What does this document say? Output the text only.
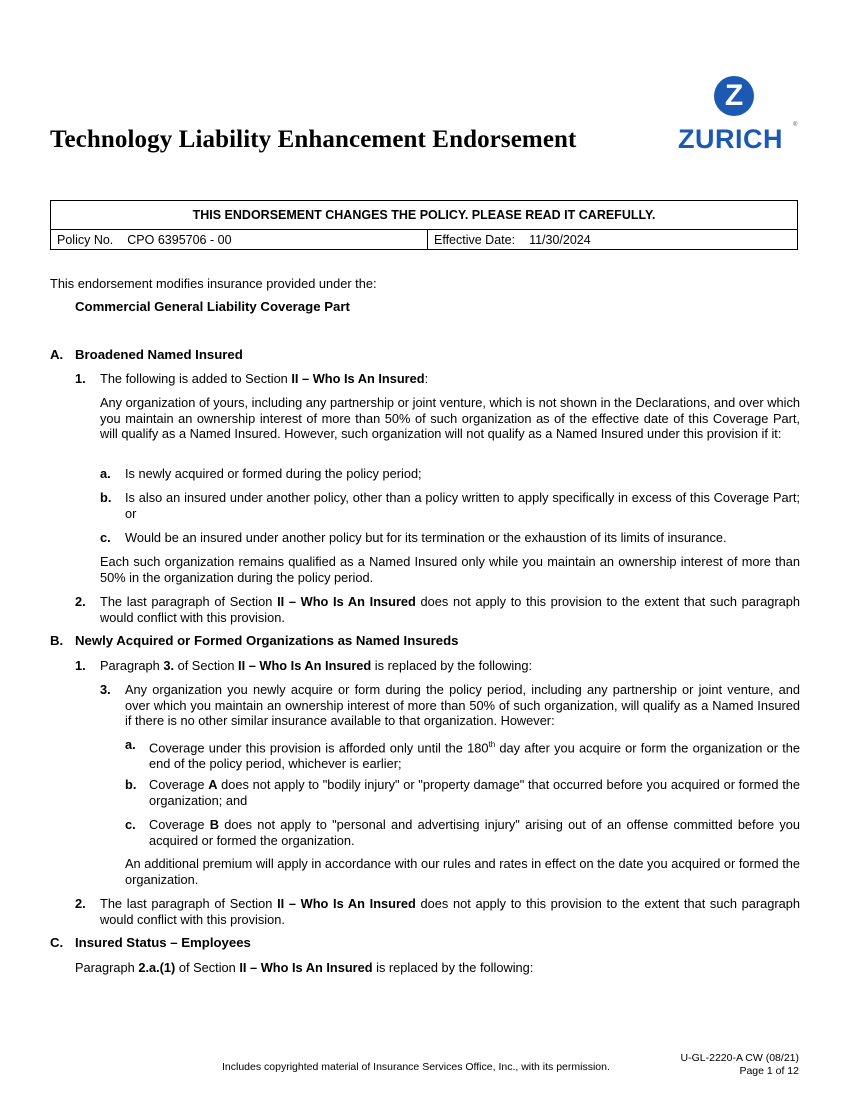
Technology Liability Enhancement Endorsement
Z
ZURICH ®
THIS ENDORSEMENT CHANGES THE POLICY. PLEASE READ IT CAREFULLY.
Policy No. CPO 6395706 - 00	Effective Date: 11/30/2024
This endorsement modifies insurance provided under the:
Commercial General Liability Coverage Part
A. Broadened Named Insured
1. The following is added to Section II – Who Is An Insured:
Any organization of yours, including any partnership or joint venture, which is not shown in the Declarations, and over which you maintain an ownership interest of more than 50% of such organization as of the effective date of this Coverage Part, will qualify as a Named Insured. However, such organization will not qualify as a Named Insured under this provision if it:
a. Is newly acquired or formed during the policy period;
b. Is also an insured under another policy, other than a policy written to apply specifically in excess of this Coverage Part; or
c. Would be an insured under another policy but for its termination or the exhaustion of its limits of insurance.
Each such organization remains qualified as a Named Insured only while you maintain an ownership interest of more than 50% in the organization during the policy period.
2. The last paragraph of Section II – Who Is An Insured does not apply to this provision to the extent that such paragraph would conflict with this provision.
B. Newly Acquired or Formed Organizations as Named Insureds
1. Paragraph 3. of Section II – Who Is An Insured is replaced by the following:
3. Any organization you newly acquire or form during the policy period, including any partnership or joint venture, and over which you maintain an ownership interest of more than 50% of such organization, will qualify as a Named Insured if there is no other similar insurance available to that organization. However:
a. Coverage under this provision is afforded only until the 180th day after you acquire or form the organization or the end of the policy period, whichever is earlier;
b. Coverage A does not apply to "bodily injury" or "property damage" that occurred before you acquired or formed the organization; and
c. Coverage B does not apply to "personal and advertising injury" arising out of an offense committed before you acquired or formed the organization.
An additional premium will apply in accordance with our rules and rates in effect on the date you acquired or formed the organization.
2. The last paragraph of Section II – Who Is An Insured does not apply to this provision to the extent that such paragraph would conflict with this provision.
C. Insured Status – Employees
Paragraph 2.a.(1) of Section II – Who Is An Insured is replaced by the following:
Includes copyrighted material of Insurance Services Office, Inc., with its permission.
U-GL-2220-A CW (08/21)
Page 1 of 12
